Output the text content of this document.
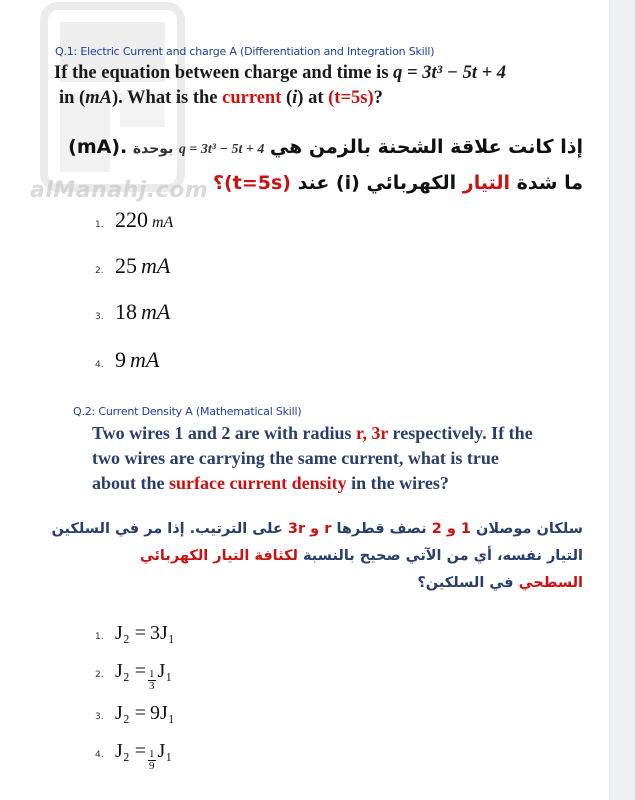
alManahj.com
Q.1: Electric Current and charge A (Differentiation and Integration Skill)
If the equation between charge and time is q = 3t³ − 5t + 4
in (mA). What is the current (i) at (t=5s)?
إذا كانت علاقة الشحنة بالزمن هي q = 3t³ − 5t + 4 بوحدة (mA).
ما شدة التيار الكهربائي (i) عند (t=5s)؟
1. 220
mA
2. 25
mA
3. 18
mA
4. 9
mA
Q.2: Current Density A (Mathematical Skill)
Two wires 1 and 2 are with radius r, 3r respectively. If the
two wires are carrying the same current, what is true
about the surface current density in the wires?
سلكان موصلان 1 و 2 نصف قطرها r و 3r على الترتيب. إذا مر في السلكين
التيار نفسه، أي من الآتي صحيح بالنسبة لكثافة التيار الكهربائي
السطحي في السلكين؟
1. J₂ =
3 J₁
2. $J_2 = \frac{1}{3} J_1$
3. J₂ =
9 J₁
4. $J_2 = \frac{1}{9} J_1$
